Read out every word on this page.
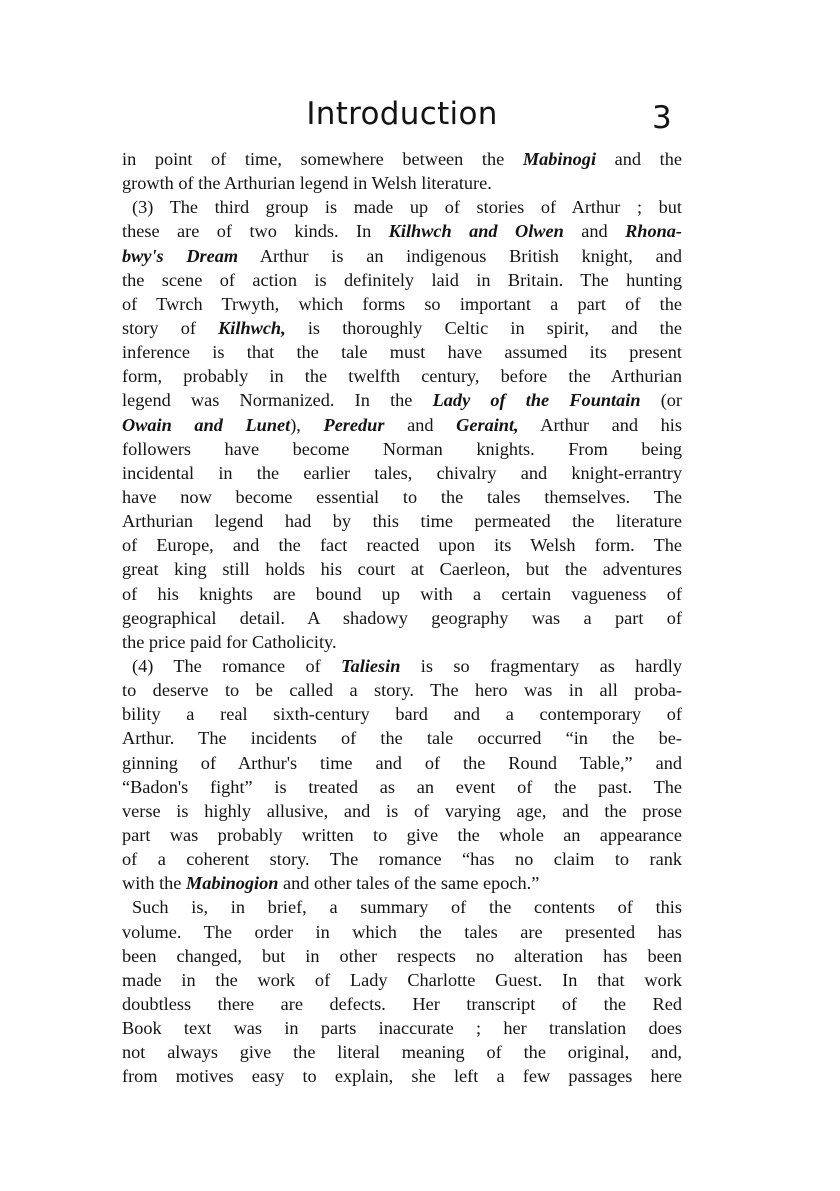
Introduction	3
in point of time, somewhere between the Mabinogi and the
growth of the Arthurian legend in Welsh literature.
(3) The third group is made up of stories of Arthur ; but
these are of two kinds. In Kilhwch and Olwen and Rhona-
bwy's Dream Arthur is an indigenous British knight, and
the scene of action is definitely laid in Britain. The hunting
of Twrch Trwyth, which forms so important a part of the
story of Kilhwch, is thoroughly Celtic in spirit, and the
inference is that the tale must have assumed its present
form, probably in the twelfth century, before the Arthurian
legend was Normanized. In the Lady of the Fountain (or
Owain and Lunet), Peredur and Geraint, Arthur and his
followers have become Norman knights. From being
incidental in the earlier tales, chivalry and knight-errantry
have now become essential to the tales themselves. The
Arthurian legend had by this time permeated the literature
of Europe, and the fact reacted upon its Welsh form. The
great king still holds his court at Caerleon, but the adventures
of his knights are bound up with a certain vagueness of
geographical detail. A shadowy geography was a part of
the price paid for Catholicity.
(4) The romance of Taliesin is so fragmentary as hardly
to deserve to be called a story. The hero was in all proba-
bility a real sixth-century bard and a contemporary of
Arthur. The incidents of the tale occurred “in the be-
ginning of Arthur's time and of the Round Table,” and
“Badon's fight” is treated as an event of the past. The
verse is highly allusive, and is of varying age, and the prose
part was probably written to give the whole an appearance
of a coherent story. The romance “has no claim to rank
with the Mabinogion and other tales of the same epoch.”
Such is, in brief, a summary of the contents of this
volume. The order in which the tales are presented has
been changed, but in other respects no alteration has been
made in the work of Lady Charlotte Guest. In that work
doubtless there are defects. Her transcript of the Red
Book text was in parts inaccurate ; her translation does
not always give the literal meaning of the original, and,
from motives easy to explain, she left a few passages here
